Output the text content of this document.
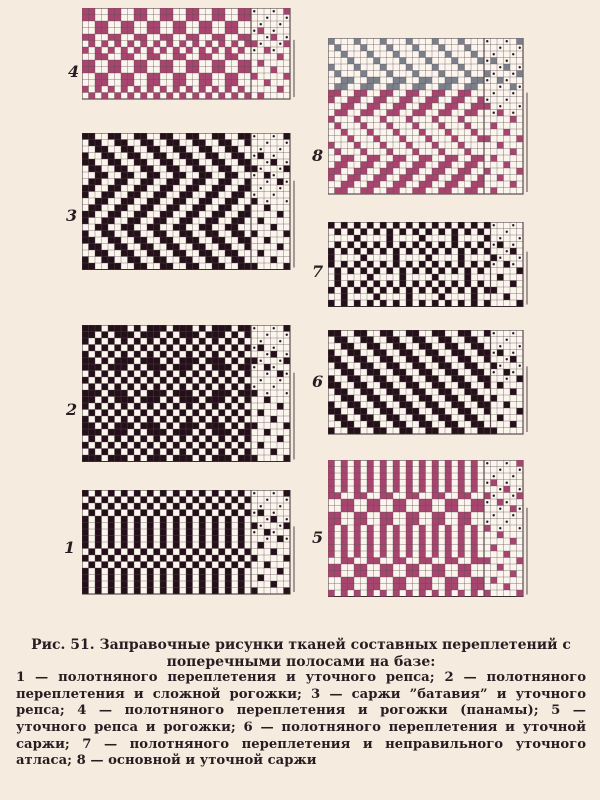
4
3
2
1
8
7
6
5
Рис. 51. Заправочные рисунки тканей составных переплетений с поперечными полосами на базе:
1 — полотняного переплетения и уточного репса; 2 — полотняного переплетения и сложной рогожки; 3 — саржи ”батавия” и уточного репса; 4 — полотняного переплетения и рогожки (панамы); 5 — уточного репса и рогожки; 6 — полотняного переплетения и уточной саржи; 7 — полотняного переплетения и неправильного уточного атласа; 8 — основной и уточной саржи
